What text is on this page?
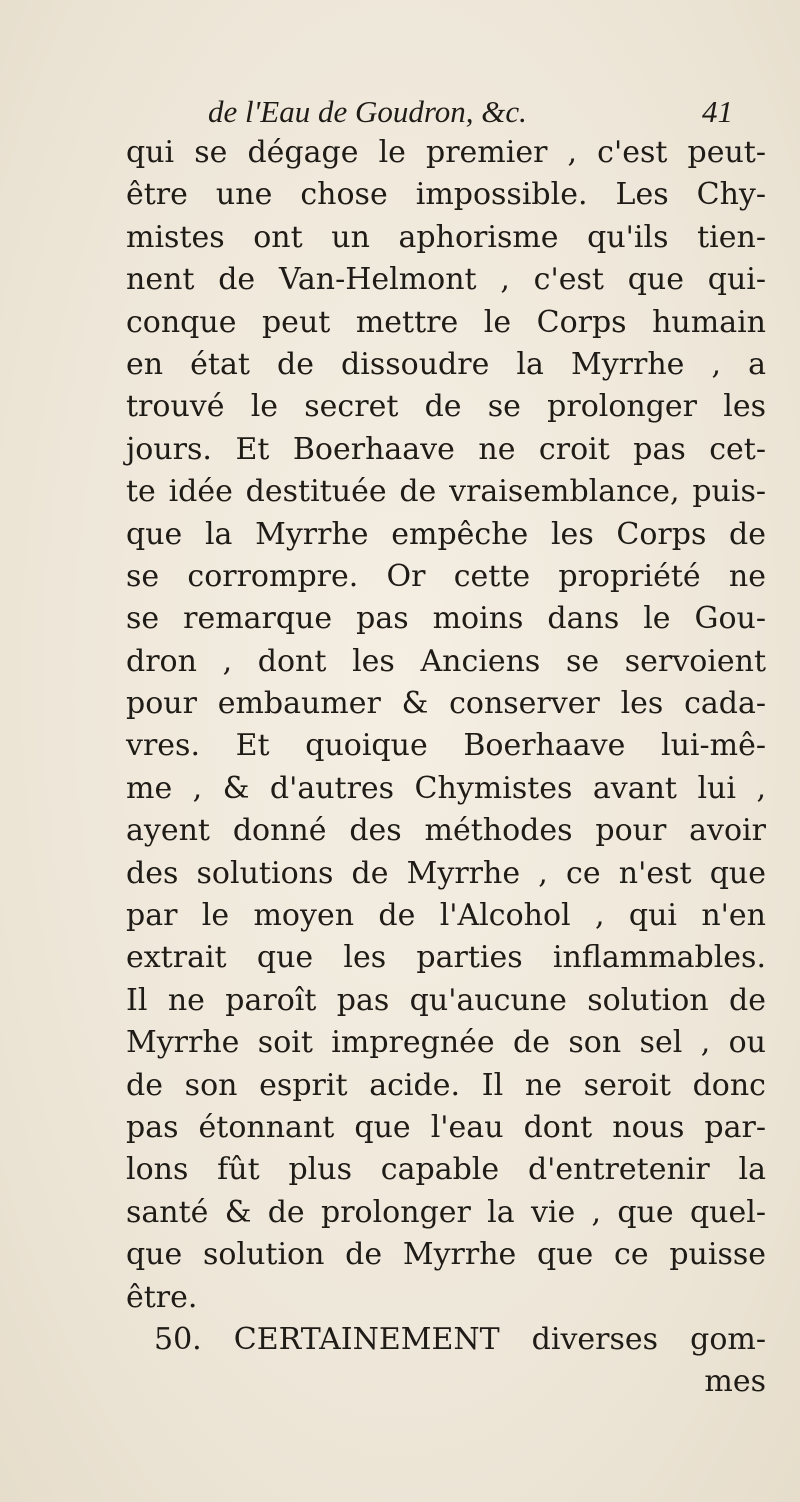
de l'Eau de Goudron, &c.	41
qui se dégage le premier , c'est peut-
être une chose impossible. Les Chy-
mistes ont un aphorisme qu'ils tien-
nent de Van-Helmont , c'est que qui-
conque peut mettre le Corps humain
en état de dissoudre la Myrrhe , a
trouvé le secret de se prolonger les
jours. Et Boerhaave ne croit pas cet-
te idée destituée de vraisemblance, puis-
que la Myrrhe empêche les Corps de
se corrompre. Or cette propriété ne
se remarque pas moins dans le Gou-
dron , dont les Anciens se servoient
pour embaumer & conserver les cada-
vres. Et quoique Boerhaave lui-mê-
me , & d'autres Chymistes avant lui ,
ayent donné des méthodes pour avoir
des solutions de Myrrhe , ce n'est que
par le moyen de l'Alcohol , qui n'en
extrait que les parties inflammables.
Il ne paroît pas qu'aucune solution de
Myrrhe soit impregnée de son sel , ou
de son esprit acide. Il ne seroit donc
pas étonnant que l'eau dont nous par-
lons fût plus capable d'entretenir la
santé & de prolonger la vie , que quel-
que solution de Myrrhe que ce puisse
être.
50. CERTAINEMENT diverses gom-
mes
